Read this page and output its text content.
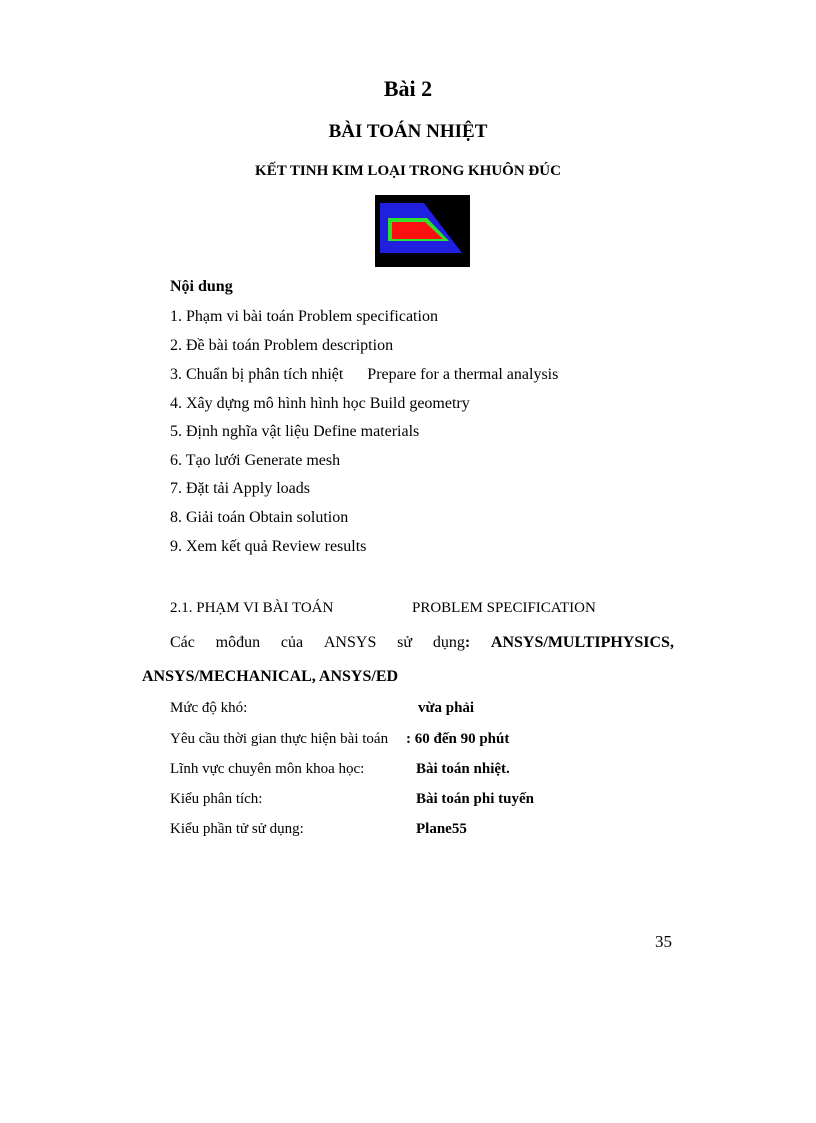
Bài 2
BÀI TOÁN NHIỆT
KẾT TINH KIM LOẠI TRONG KHUÔN ĐÚC
Nội dung
1. Phạm vi bài toán Problem specification
2. Đề bài toán Problem description
3. Chuẩn bị phân tích nhiệt      Prepare for a thermal analysis
4. Xây dựng mô hình hình học Build geometry
5. Định nghĩa vật liệu Define materials
6. Tạo lưới Generate mesh
7. Đặt tải Apply loads
8. Giải toán Obtain solution
9. Xem kết quả Review results
2.1. PHẠM VI BÀI TOÁN	PROBLEM SPECIFICATION
Các môđun của ANSYS sử dụng: ANSYS/MULTIPHYSICS,
ANSYS/MECHANICAL, ANSYS/ED
Mức độ khó:	vừa phải
Yêu cầu thời gian thực hiện bài toán : 60 đến 90 phút
Lĩnh vực chuyên môn khoa học:	Bài toán nhiệt.
Kiểu phân tích:	Bài toán phi tuyến
Kiểu phần tử sử dụng:	Plane55
35
